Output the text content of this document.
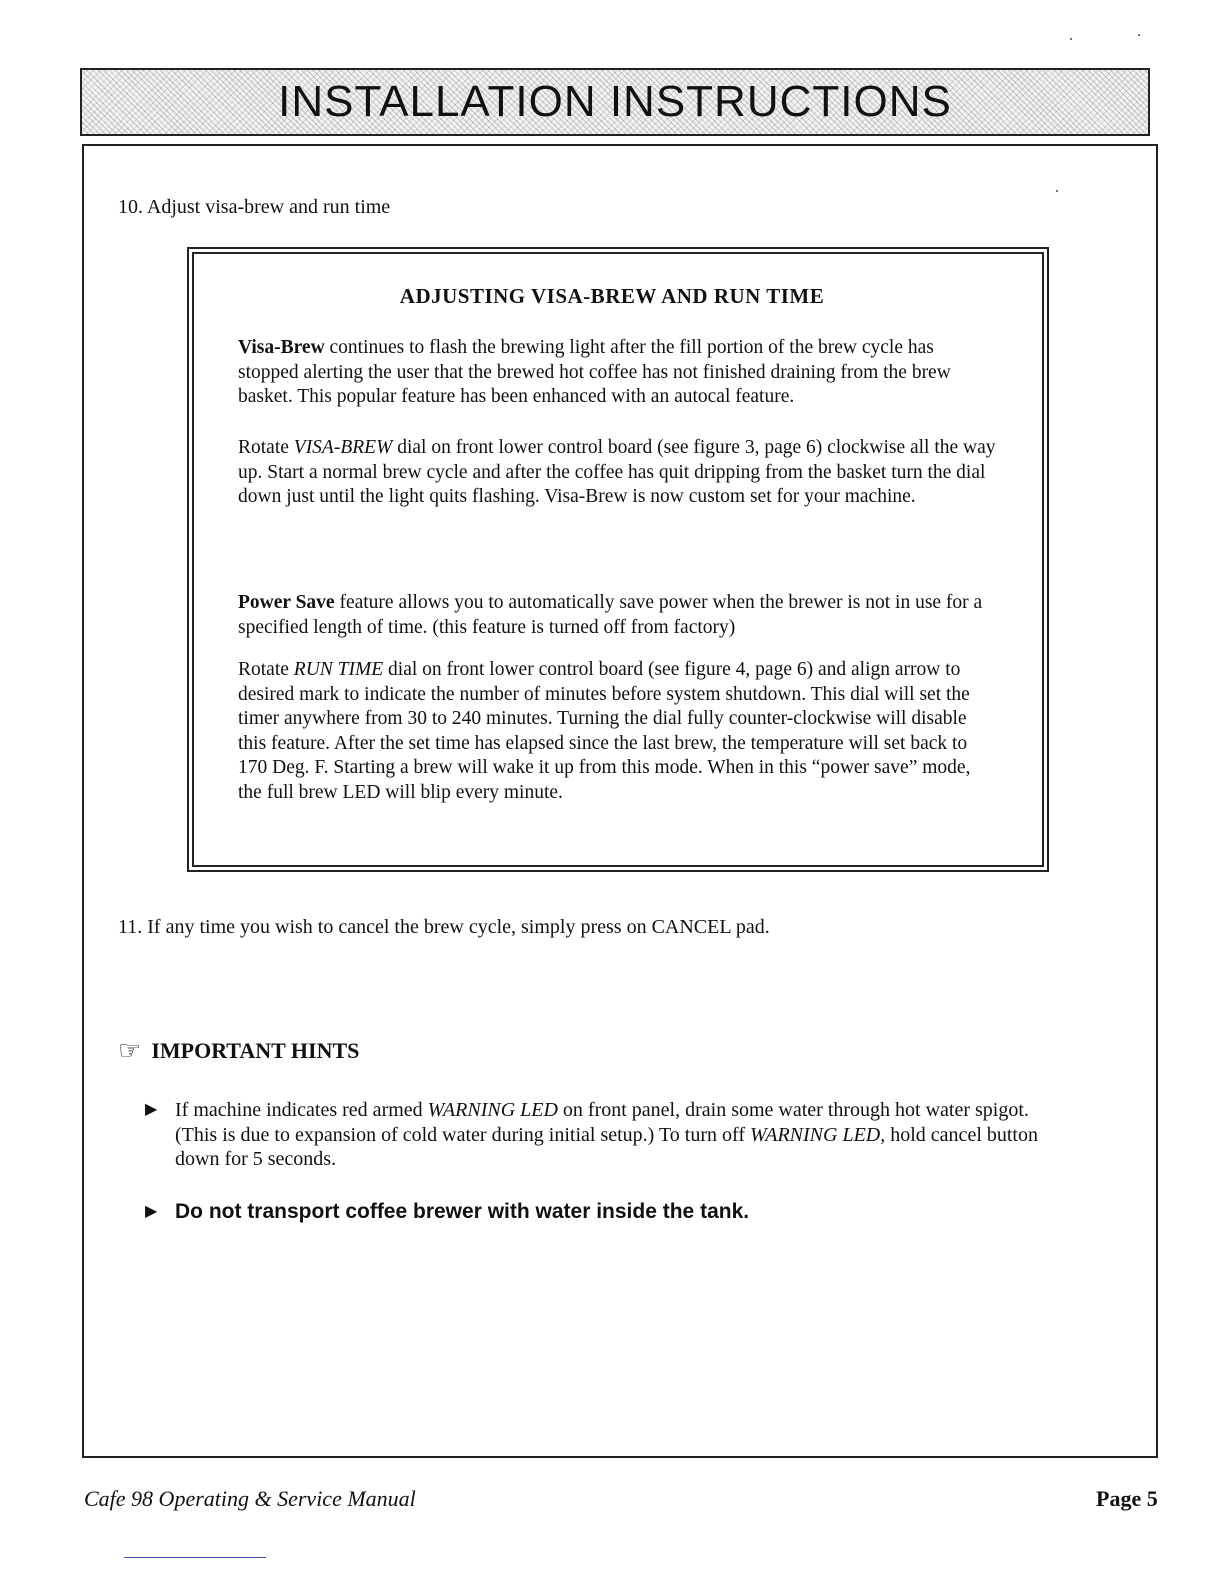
INSTALLATION INSTRUCTIONS
10. Adjust visa-brew and run time
ADJUSTING VISA-BREW AND RUN TIME
Visa-Brew continues to flash the brewing light after the fill portion of the brew cycle has stopped alerting the user that the brewed hot coffee has not finished draining from the brew basket. This popular feature has been enhanced with an autocal feature.
Rotate VISA-BREW dial on front lower control board (see figure 3, page 6) clockwise all the way up. Start a normal brew cycle and after the coffee has quit dripping from the basket turn the dial down just until the light quits flashing. Visa-Brew is now custom set for your machine.
Power Save feature allows you to automatically save power when the brewer is not in use for a specified length of time. (this feature is turned off from factory)
Rotate RUN TIME dial on front lower control board (see figure 4, page 6) and align arrow to desired mark to indicate the number of minutes before system shutdown. This dial will set the timer anywhere from 30 to 240 minutes. Turning the dial fully counter-clockwise will disable this feature. After the set time has elapsed since the last brew, the temperature will set back to 170 Deg. F. Starting a brew will wake it up from this mode. When in this “power save” mode, the full brew LED will blip every minute.
11. If any time you wish to cancel the brew cycle, simply press on CANCEL pad.
☞ IMPORTANT HINTS
▶ If machine indicates red armed WARNING LED on front panel, drain some water through hot water spigot. (This is due to expansion of cold water during initial setup.) To turn off WARNING LED, hold cancel button down for 5 seconds.
▶ Do not transport coffee brewer with water inside the tank.
Cafe 98 Operating & Service Manual	Page 5
